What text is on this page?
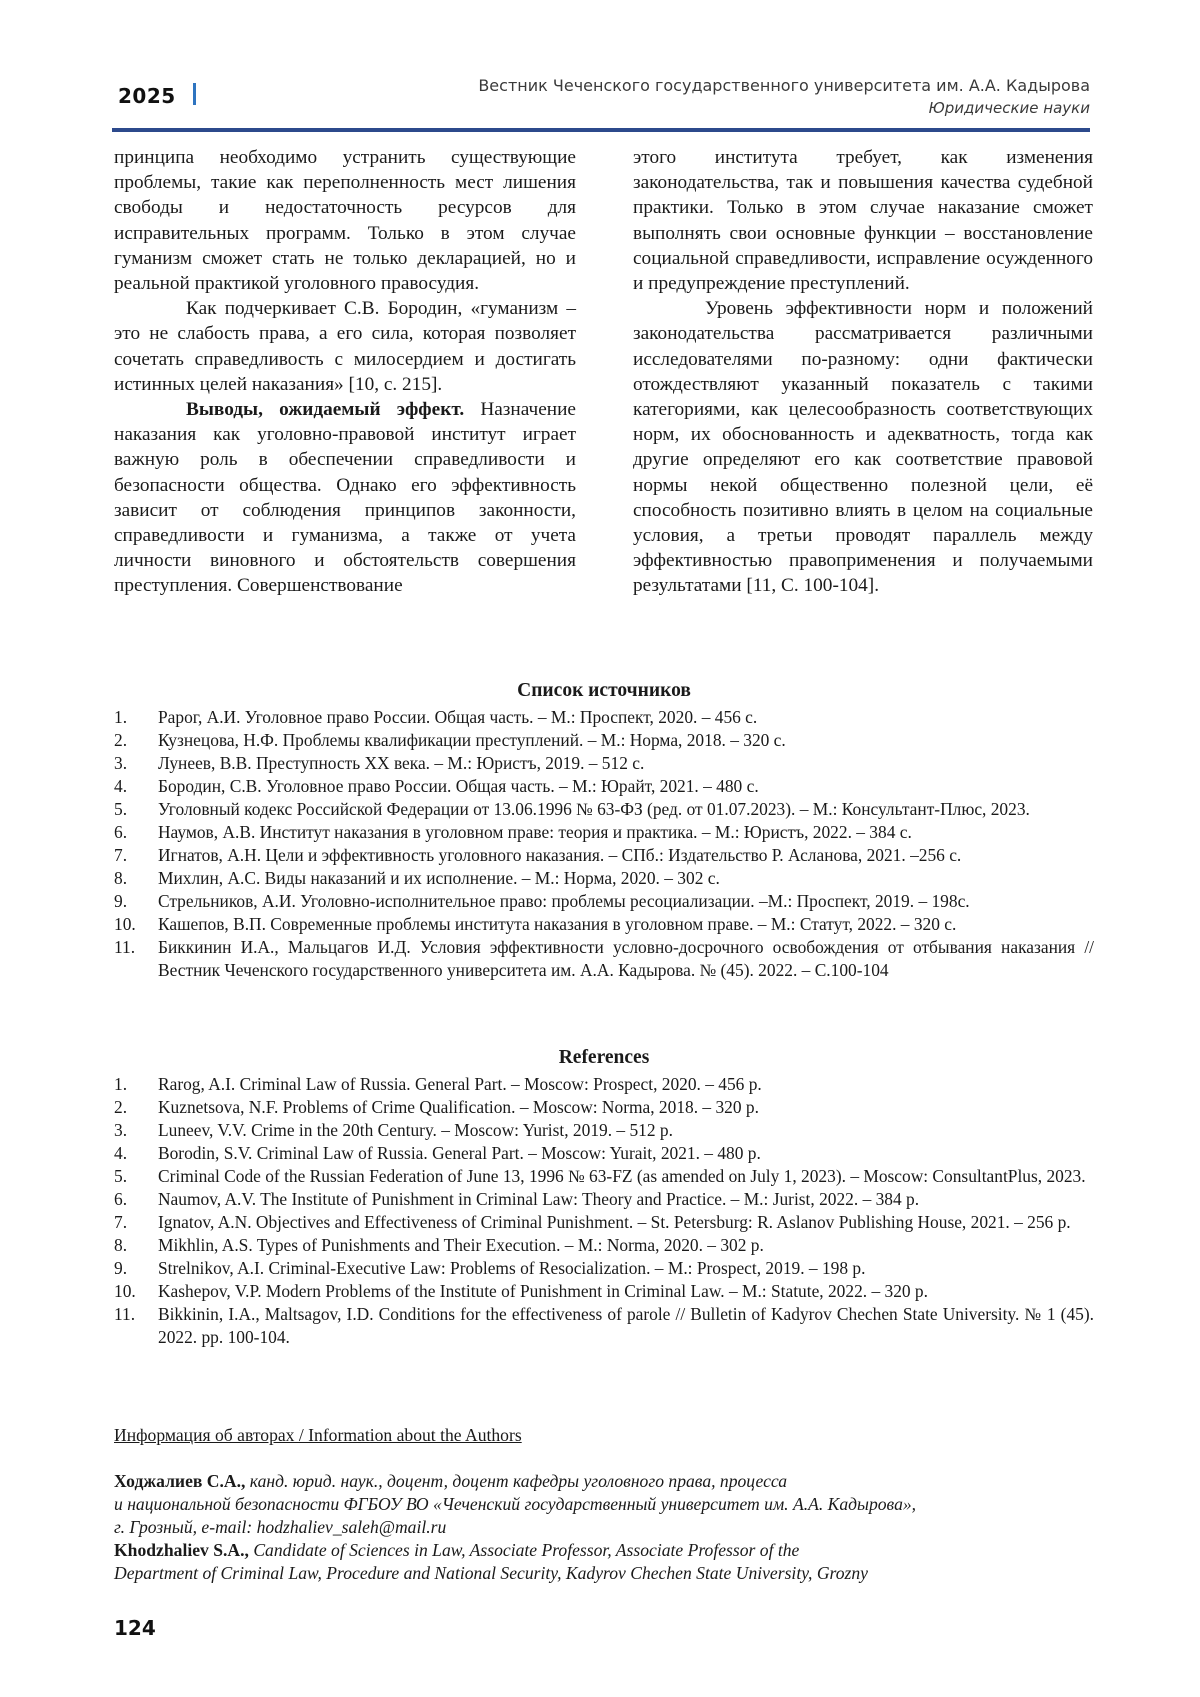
2025	Вестник Чеченского государственного университета им. А.А. Кадырова
Юридические науки

принципа необходимо устранить существующие проблемы, такие как переполненность мест лишения свободы и недостаточность ресурсов для исправительных программ. Только в этом случае гуманизм сможет стать не только декларацией, но и реальной практикой уголовного правосудия.

Как подчеркивает С.В. Бородин, «гуманизм – это не слабость права, а его сила, которая позволяет сочетать справедливость с милосердием и достигать истинных целей наказания» [10, с. 215].

Выводы, ожидаемый эффект. Назначение наказания как уголовно-правовой институт играет важную роль в обеспечении справедливости и безопасности общества. Однако его эффективность зависит от соблюдения принципов законности, справедливости и гуманизма, а также от учета личности виновного и обстоятельств совершения преступления. Совершенствование

этого института требует, как изменения законодательства, так и повышения качества судебной практики. Только в этом случае наказание сможет выполнять свои основные функции – восстановление социальной справедливости, исправление осужденного и предупреждение преступлений.

Уровень эффективности норм и положений законодательства рассматривается различными исследователями по-разному: одни фактически отождествляют указанный показатель с такими категориями, как целесообразность соответствующих норм, их обоснованность и адекватность, тогда как другие определяют его как соответствие правовой нормы некой общественно полезной цели, её способность позитивно влиять в целом на социальные условия, а третьи проводят параллель между эффективностью правоприменения и получаемыми результатами [11, С. 100-104].

Список источников
1. Рарог, А.И. Уголовное право России. Общая часть. – М.: Проспект, 2020. – 456 с.
2. Кузнецова, Н.Ф. Проблемы квалификации преступлений. – М.: Норма, 2018. – 320 с.
3. Лунеев, В.В. Преступность XX века. – М.: Юристъ, 2019. – 512 с.
4. Бородин, С.В. Уголовное право России. Общая часть. – М.: Юрайт, 2021. – 480 с.
5. Уголовный кодекс Российской Федерации от 13.06.1996 № 63-ФЗ (ред. от 01.07.2023). – М.: Консультант-Плюс, 2023.
6. Наумов, А.В. Институт наказания в уголовном праве: теория и практика. – М.: Юристъ, 2022. – 384 с.
7. Игнатов, А.Н. Цели и эффективность уголовного наказания. – СПб.: Издательство Р. Асланова, 2021. –256 с.
8. Михлин, А.С. Виды наказаний и их исполнение. – М.: Норма, 2020. – 302 с.
9. Стрельников, А.И. Уголовно-исполнительное право: проблемы ресоциализации. –М.: Проспект, 2019. – 198с.
10. Кашепов, В.П. Современные проблемы института наказания в уголовном праве. – М.: Статут, 2022. – 320 с.
11. Биккинин И.А., Мальцагов И.Д. Условия эффективности условно-досрочного освобождения от отбывания наказания // Вестник Чеченского государственного университета им. А.А. Кадырова. № (45). 2022. – С.100-104
References
1. Rarog, A.I. Criminal Law of Russia. General Part. – Moscow: Prospect, 2020. – 456 p.
2. Kuznetsova, N.F. Problems of Crime Qualification. – Moscow: Norma, 2018. – 320 p.
3. Luneev, V.V. Crime in the 20th Century. – Moscow: Yurist, 2019. – 512 p.
4. Borodin, S.V. Criminal Law of Russia. General Part. – Moscow: Yurait, 2021. – 480 p.
5. Criminal Code of the Russian Federation of June 13, 1996 № 63-FZ (as amended on July 1, 2023). – Moscow: ConsultantPlus, 2023.
6. Naumov, A.V. The Institute of Punishment in Criminal Law: Theory and Practice. – M.: Jurist, 2022. – 384 p.
7. Ignatov, A.N. Objectives and Effectiveness of Criminal Punishment. – St. Petersburg: R. Aslanov Publishing House, 2021. – 256 p.
8. Mikhlin, A.S. Types of Punishments and Their Execution. – M.: Norma, 2020. – 302 p.
9. Strelnikov, A.I. Criminal-Executive Law: Problems of Resocialization. – M.: Prospect, 2019. – 198 p.
10. Kashepov, V.P. Modern Problems of the Institute of Punishment in Criminal Law. – M.: Statute, 2022. – 320 p.
11. Bikkinin, I.A., Maltsagov, I.D. Conditions for the effectiveness of parole // Bulletin of Kadyrov Chechen State University. № 1 (45). 2022. pp. 100-104.
Информация об авторах / Information about the Authors
Ходжалиев С.А., канд. юрид. наук., доцент, доцент кафедры уголовного права, процесса
и национальной безопасности ФГБОУ ВО «Чеченский государственный университет им. А.А. Кадырова»,
г. Грозный, e-mail: hodzhaliev_saleh@mail.ru
Khodzhaliev S.A., Candidate of Sciences in Law, Associate Professor, Associate Professor of the
Department of Criminal Law, Procedure and National Security, Kadyrov Chechen State University, Grozny
124
